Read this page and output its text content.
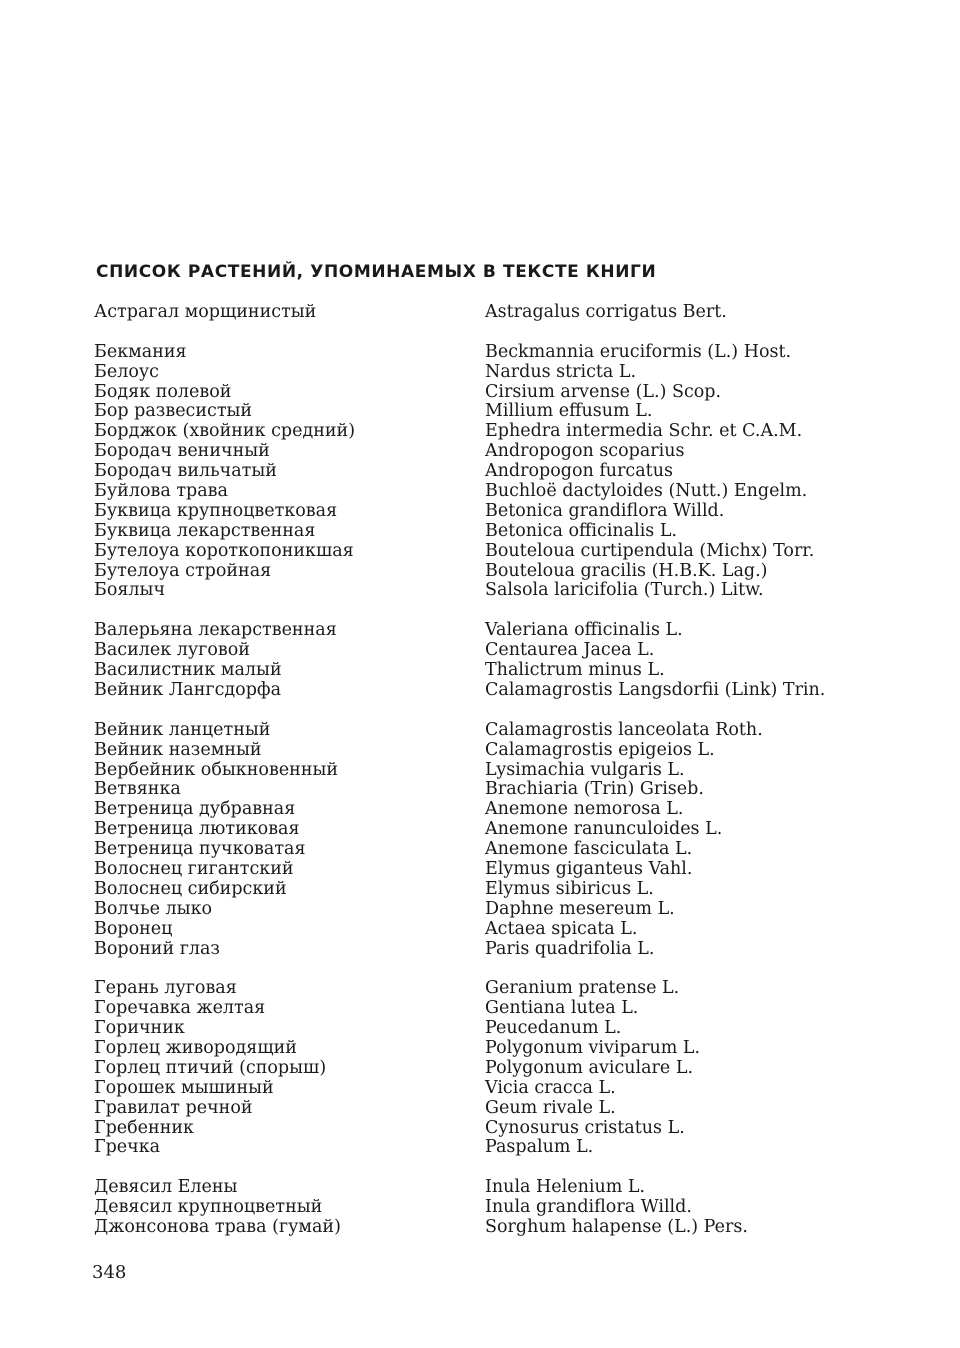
СПИСОК РАСТЕНИЙ, УПОМИНАЕМЫХ В ТЕКСТЕ КНИГИ
Астрагал морщинистый	Astragalus corrigatus Bert.
Бекмания	Beckmannia eruciformis (L.) Host.
Белоус	Nardus stricta L.
Бодяк полевой	Cirsium arvense (L.) Scop.
Бор развесистый	Millium effusum L.
Борджок (хвойник средний)	Ephedra intermedia Schr. et C.A.M.
Бородач веничный	Andropogon scoparius
Бородач вильчатый	Andropogon furcatus
Буйлова трава	Buchloë dactyloides (Nutt.) Engelm.
Буквица крупноцветковая	Betonica grandiflora Willd.
Буквица лекарственная	Betonica officinalis L.
Бутелоуа короткопоникшая	Bouteloua curtipendula (Michx) Torr.
Бутелоуа стройная	Bouteloua gracilis (H.B.K. Lag.)
Боялыч	Salsola laricifolia (Turch.) Litw.
Валерьяна лекарственная	Valeriana officinalis L.
Василек луговой	Centaurea Jacea L.
Василистник малый	Thalictrum minus L.
Вейник Лангсдорфа	Calamagrostis Langsdorfii (Link) Trin.
Вейник ланцетный	Calamagrostis lanceolata Roth.
Вейник наземный	Calamagrostis epigeios L.
Вербейник обыкновенный	Lysimachia vulgaris L.
Ветвянка	Brachiaria (Trin) Griseb.
Ветреница дубравная	Anemone nemorosa L.
Ветреница лютиковая	Anemone ranunculoides L.
Ветреница пучковатая	Anemone fasciculata L.
Волоснец гигантский	Elymus giganteus Vahl.
Волоснец сибирский	Elymus sibiricus L.
Волчье лыко	Daphne mesereum L.
Воронец	Actaea spicata L.
Вороний глаз	Paris quadrifolia L.
Герань луговая	Geranium pratense L.
Горечавка желтая	Gentiana lutea L.
Горичник	Peucedanum L.
Горлец живородящий	Polygonum viviparum L.
Горлец птичий (спорыш)	Polygonum aviculare L.
Горошек мышиный	Vicia cracca L.
Гравилат речной	Geum rivale L.
Гребенник	Cynosurus cristatus L.
Гречка	Paspalum L.
Девясил Елены	Inula Helenium L.
Девясил крупноцветный	Inula grandiflora Willd.
Джонсонова трава (гумай)	Sorghum halapense (L.) Pers.
348
